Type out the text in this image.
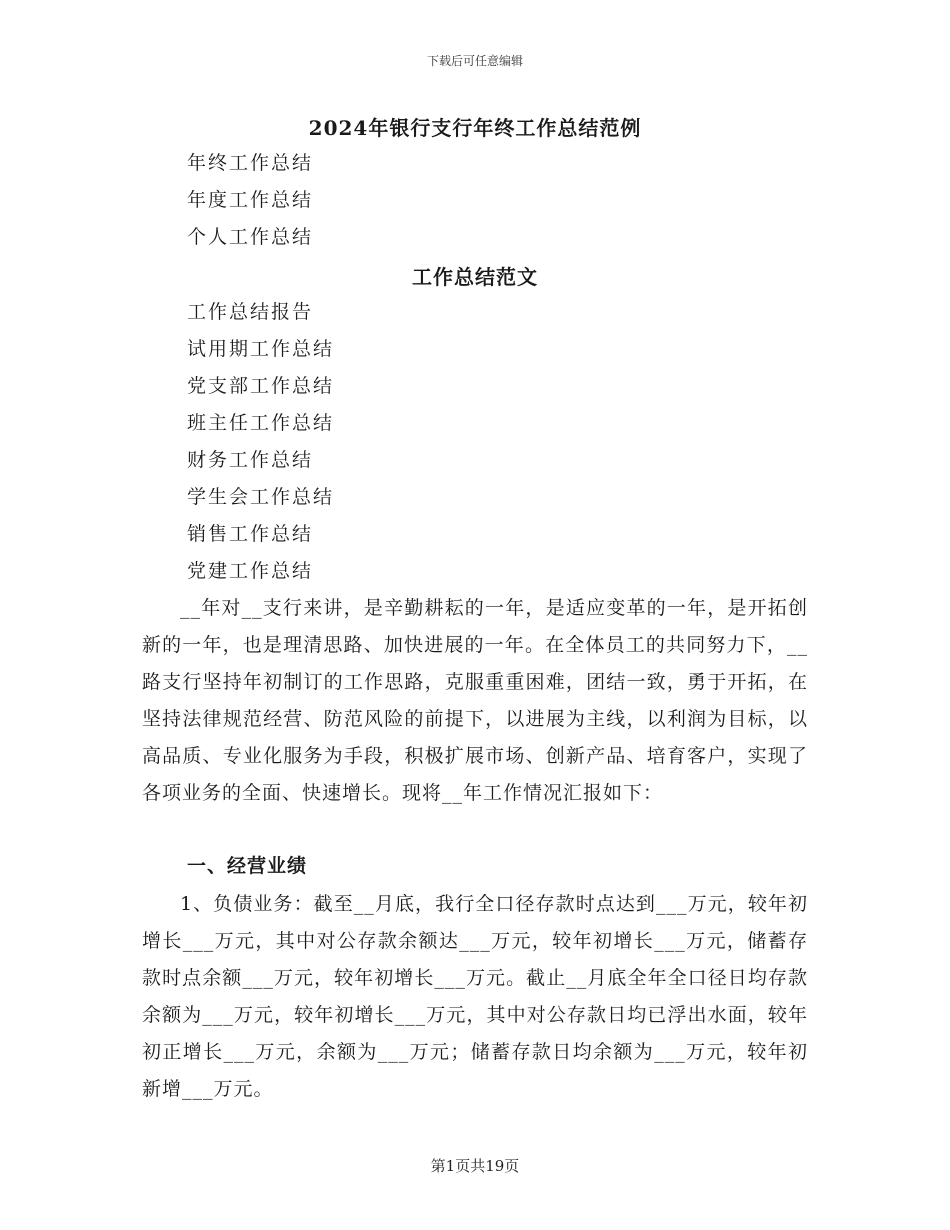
下载后可任意编辑
2024年银行支行年终工作总结范例
年终工作总结
年度工作总结
个人工作总结
工作总结范文
工作总结报告
试用期工作总结
党支部工作总结
班主任工作总结
财务工作总结
学生会工作总结
销售工作总结
党建工作总结

__年对__支行来讲，是辛勤耕耘的一年，是适应变革的一年，是开拓创新的一年，也是理清思路、加快进展的一年。在全体员工的共同努力下，__路支行坚持年初制订的工作思路，克服重重困难，团结一致，勇于开拓，在坚持法律规范经营、防范风险的前提下，以进展为主线，以利润为目标，以高品质、专业化服务为手段，积极扩展市场、创新产品、培育客户，实现了各项业务的全面、快速增长。现将__年工作情况汇报如下：

一、经营业绩

1、负债业务：截至__月底，我行全口径存款时点达到___万元，较年初增长___万元，其中对公存款余额达___万元，较年初增长___万元，储蓄存款时点余额___万元，较年初增长___万元。截止__月底全年全口径日均存款余额为___万元，较年初增长___万元，其中对公存款日均已浮出水面，较年初正增长___万元，余额为___万元；储蓄存款日均余额为___万元，较年初新增___万元。

第1页共19页
